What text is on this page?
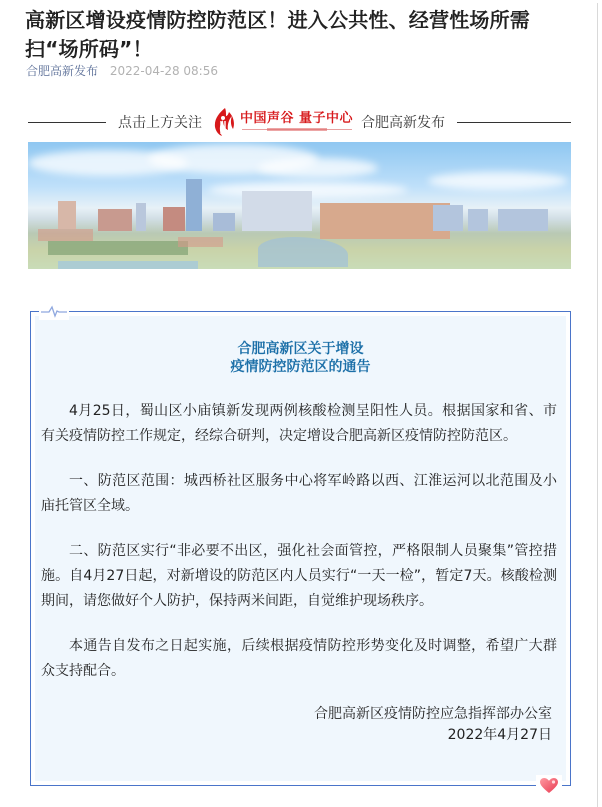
高新区增设疫情防控防范区！进入公共性、经营性场所需扫“场所码”！
合肥高新发布 2022-04-28 08:56
点击上方关注	中国声谷 量子中心 合肥高新发布
合肥高新区关于增设
疫情防控防范区的通告

4月25日，蜀山区小庙镇新发现两例核酸检测呈阳性人员。根据国家和省、市有关疫情防控工作规定，经综合研判，决定增设合肥高新区疫情防控防范区。

一、防范区范围：城西桥社区服务中心将军岭路以西、江淮运河以北范围及小庙托管区全域。

二、防范区实行“非必要不出区，强化社会面管控，严格限制人员聚集”管控措施。自4月27日起，对新增设的防范区内人员实行“一天一检”，暂定7天。核酸检测期间，请您做好个人防护，保持两米间距，自觉维护现场秩序。

本通告自发布之日起实施，后续根据疫情防控形势变化及时调整，希望广大群众支持配合。

合肥高新区疫情防控应急指挥部办公室
2022年4月27日
